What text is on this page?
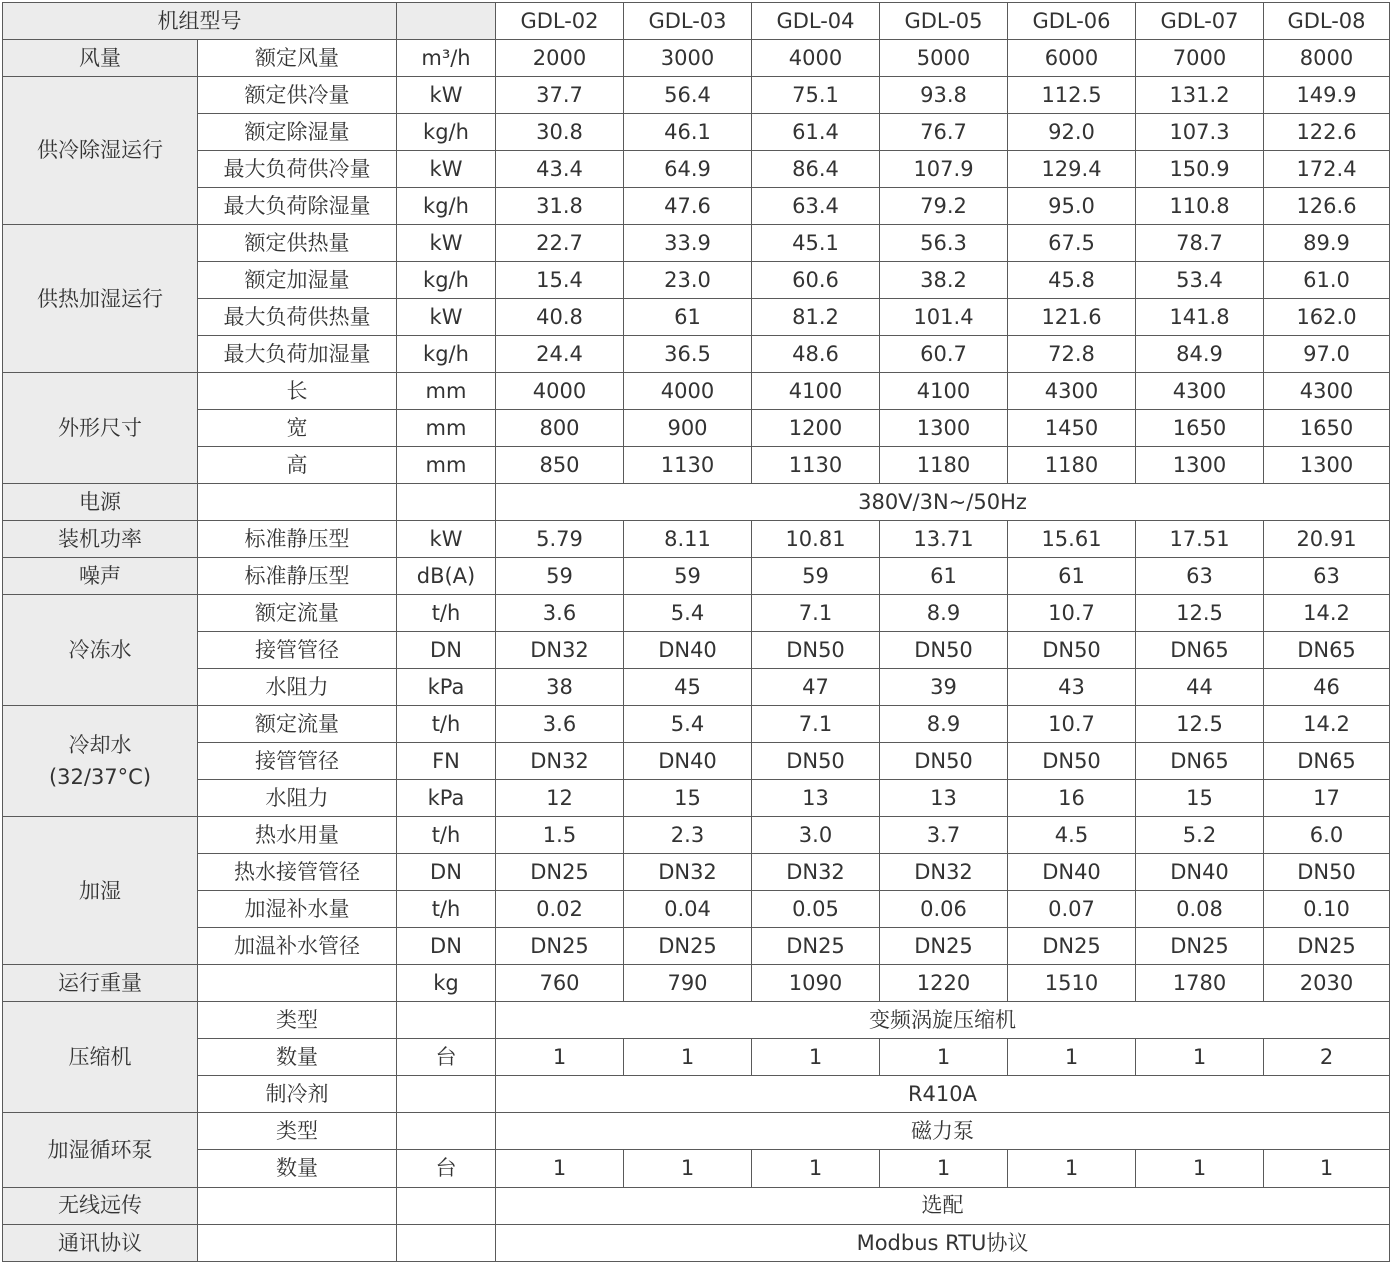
机组型号			GDL-02	GDL-03	GDL-04	GDL-05	GDL-06	GDL-07	GDL-08

风量	额定风量	m³/h	2000	3000	4000	5000	6000	7000	8000

供冷除湿运行	额定供冷量	kW	37.7	56.4	75.1	93.8	112.5	131.2	149.9
	额定除湿量	kg/h	30.8	46.1	61.4	76.7	92.0	107.3	122.6
	最大负荷供冷量	kW	43.4	64.9	86.4	107.9	129.4	150.9	172.4
	最大负荷除湿量	kg/h	31.8	47.6	63.4	79.2	95.0	110.8	126.6

供热加湿运行	额定供热量	kW	22.7	33.9	45.1	56.3	67.5	78.7	89.9
	额定加湿量	kg/h	15.4	23.0	60.6	38.2	45.8	53.4	61.0
	最大负荷供热量	kW	40.8	61	81.2	101.4	121.6	141.8	162.0
	最大负荷加湿量	kg/h	24.4	36.5	48.6	60.7	72.8	84.9	97.0

外形尺寸	长	mm	4000	4000	4100	4100	4300	4300	4300
	宽	mm	800	900	1200	1300	1450	1650	1650
	高	mm	850	1130	1130	1180	1180	1300	1300

电源			380V/3N~/50Hz						

装机功率	标准静压型	kW	5.79	8.11	10.81	13.71	15.61	17.51	20.91

噪声	标准静压型	dB(A)	59	59	59	61	61	63	63

冷冻水	额定流量	t/h	3.6	5.4	7.1	8.9	10.7	12.5	14.2
	接管管径	DN	DN32	DN40	DN50	DN50	DN50	DN65	DN65
	水阻力	kPa	38	45	47	39	43	44	46

冷却水
(32/37°C)	额定流量	t/h	3.6	5.4	7.1	8.9	10.7	12.5	14.2
	接管管径	FN	DN32	DN40	DN50	DN50	DN50	DN65	DN65
	水阻力	kPa	12	15	13	13	16	15	17

加湿	热水用量	t/h	1.5	2.3	3.0	3.7	4.5	5.2	6.0
	热水接管管径	DN	DN25	DN32	DN32	DN32	DN40	DN40	DN50
	加湿补水量	t/h	0.02	0.04	0.05	0.06	0.07	0.08	0.10
	加温补水管径	DN	DN25	DN25	DN25	DN25	DN25	DN25	DN25

运行重量		kg	760	790	1090	1220	1510	1780	2030

压缩机	类型		变频涡旋压缩机						
	数量	台	1	1	1	1	1	1	2
	制冷剂		R410A						

加湿循环泵	类型		磁力泵						
	数量	台	1	1	1	1	1	1	1

无线远传			选配						

通讯协议			Modbus RTU协议						
